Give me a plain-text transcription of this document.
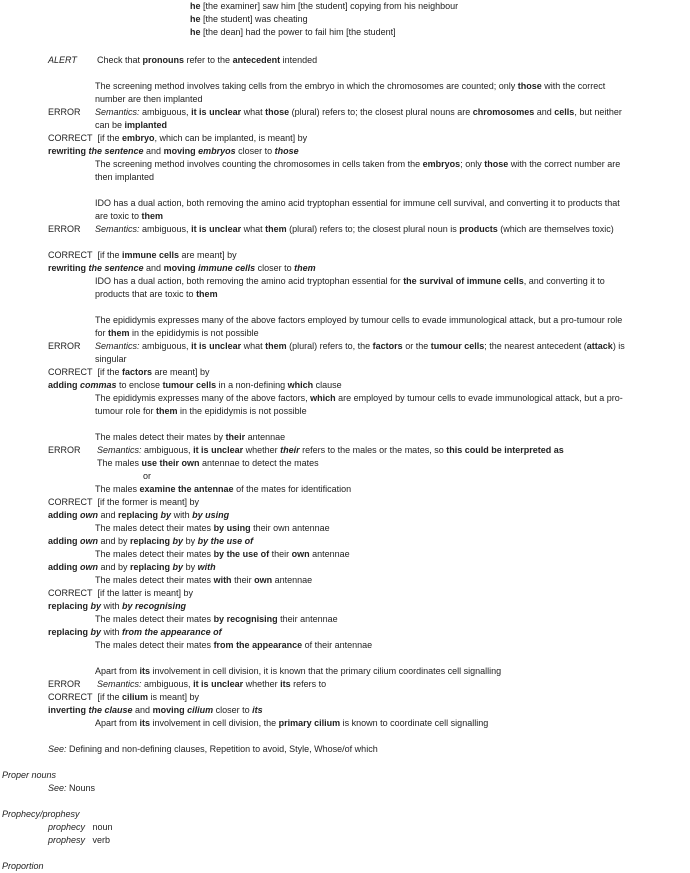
he [the examiner] saw him [the student] copying from his neighbour
he [the student] was cheating
he [the dean] had the power to fail him [the student]
ALERT Check that pronouns refer to the antecedent intended
The screening method involves taking cells from the embryo in which the chromosomes are counted; only those with the correct number are then implanted
ERROR Semantics: ambiguous, it is unclear what those (plural) refers to; the closest plural nouns are chromosomes and cells, but neither can be implanted
CORRECT  [if the embryo, which can be implanted, is meant] by
rewriting the sentence and moving embryos closer to those
The screening method involves counting the chromosomes in cells taken from the embryos; only those with the correct number are then implanted
IDO has a dual action, both removing the amino acid tryptophan essential for immune cell survival, and converting it to products that are toxic to them
ERROR Semantics: ambiguous, it is unclear what them (plural) refers to; the closest plural noun is products (which are themselves toxic)
CORRECT  [if the immune cells are meant] by
rewriting the sentence and moving immune cells closer to them
IDO has a dual action, both removing the amino acid tryptophan essential for the survival of immune cells, and converting it to products that are toxic to them
The epididymis expresses many of the above factors employed by tumour cells to evade immunological attack, but a pro-tumour role for them in the epididymis is not possible
ERROR Semantics: ambiguous, it is unclear what them (plural) refers to, the factors or the tumour cells; the nearest antecedent (attack) is singular
CORRECT  [if the factors are meant] by
adding commas to enclose tumour cells in a non-defining which clause
The epididymis expresses many of the above factors, which are employed by tumour cells to evade immunological attack, but a pro-tumour role for them in the epididymis is not possible
The males detect their mates by their antennae
ERROR Semantics: ambiguous, it is unclear whether their refers to the males or the mates, so this could be interpreted as
The males use their own antennae to detect the mates
or
The males examine the antennae of the mates for identification
CORRECT  [if the former is meant] by
adding own and replacing by with by using
The males detect their mates by using their own antennae
adding own and by replacing by by by the use of
The males detect their mates by the use of their own antennae
adding own and by replacing by by with
The males detect their mates with their own antennae
CORRECT  [if the latter is meant] by
replacing by with by recognising
The males detect their mates by recognising their antennae
replacing by with from the appearance of
The males detect their mates from the appearance of their antennae
Apart from its involvement in cell division, it is known that the primary cilium coordinates cell signalling
ERROR Semantics: ambiguous, it is unclear whether its refers to
CORRECT  [if the cilium is meant] by
inverting the clause and moving cilium closer to its
Apart from its involvement in cell division, the primary cilium is known to coordinate cell signalling
See: Defining and non-defining clauses, Repetition to avoid, Style, Whose/of which
Proper nouns
See: Nouns
Prophecy/prophesy
prophecy   noun
prophesy   verb
Proportion
